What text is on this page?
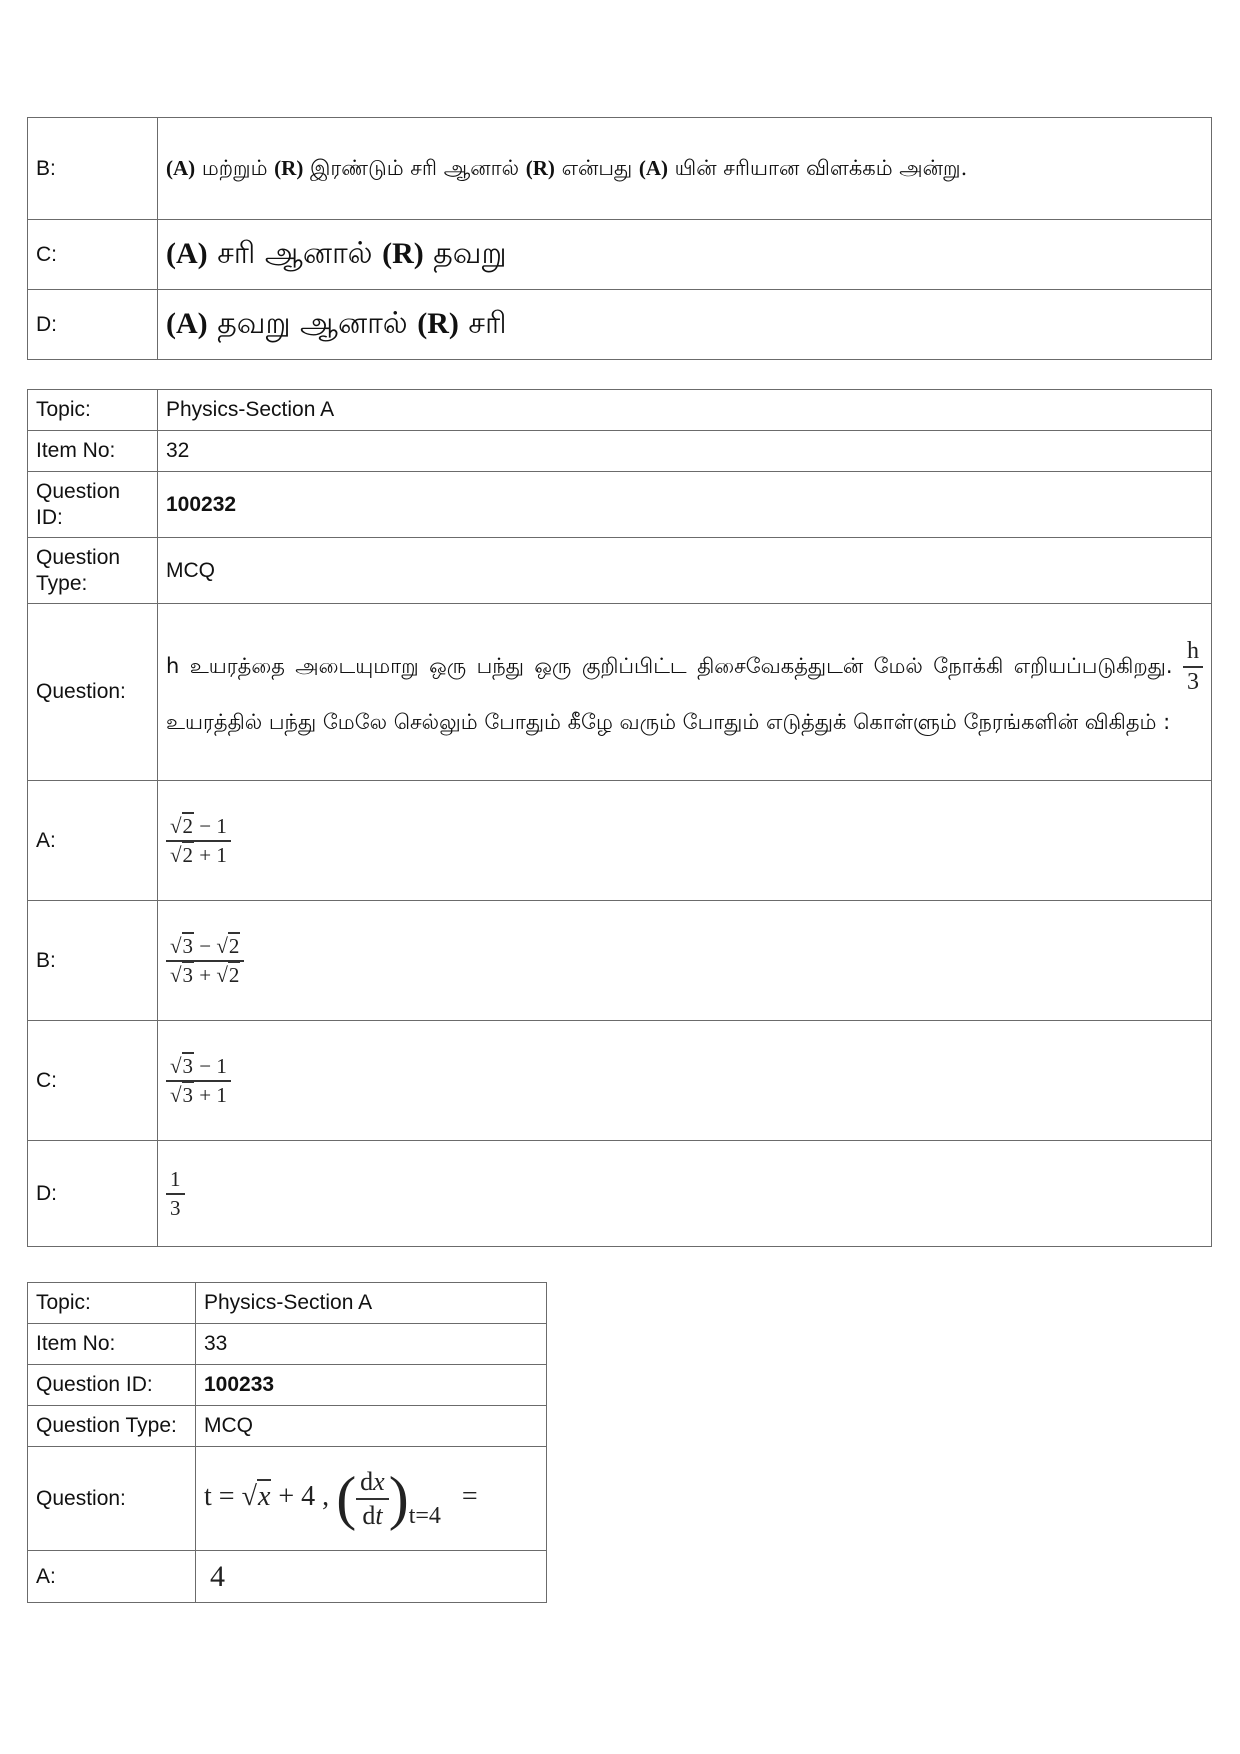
B:	(A) மற்றும் (R) இரண்டும் சரி ஆனால் (R) என்பது (A) யின் சரியான விளக்கம் அன்று.
C:	(A) சரி ஆனால் (R) தவறு
D:	(A) தவறு ஆனால் (R) சரி
Topic:	Physics-Section A
Item No:	32
Question ID:	100232
Question Type:	MCQ
Question:	h உயரத்தை அடையுமாறு ஒரு பந்து ஒரு குறிப்பிட்ட திசைவேகத்துடன் மேல் நோக்கி எறியப்படுகிறது. $\frac{h}{3}$
உயரத்தில் பந்து மேலே செல்லும் போதும் கீழே வரும் போதும் எடுத்துக் கொள்ளும் நேரங்களின் விகிதம் :
A:	$\frac{√2 - 1}{√2 + 1}$

B:	$\frac{√3 - √2}{√3 + √2}$

C:	$\frac{√3 - 1}{√3 + 1}$

D:	$\frac{1}{3}$
Topic:	Physics-Section A
Item No:	33
Question ID:	100233
Question Type:	MCQ
Question:	t = √x + 4 , ( $\frac{dx}{dt} )t=4$ =
A:	4
